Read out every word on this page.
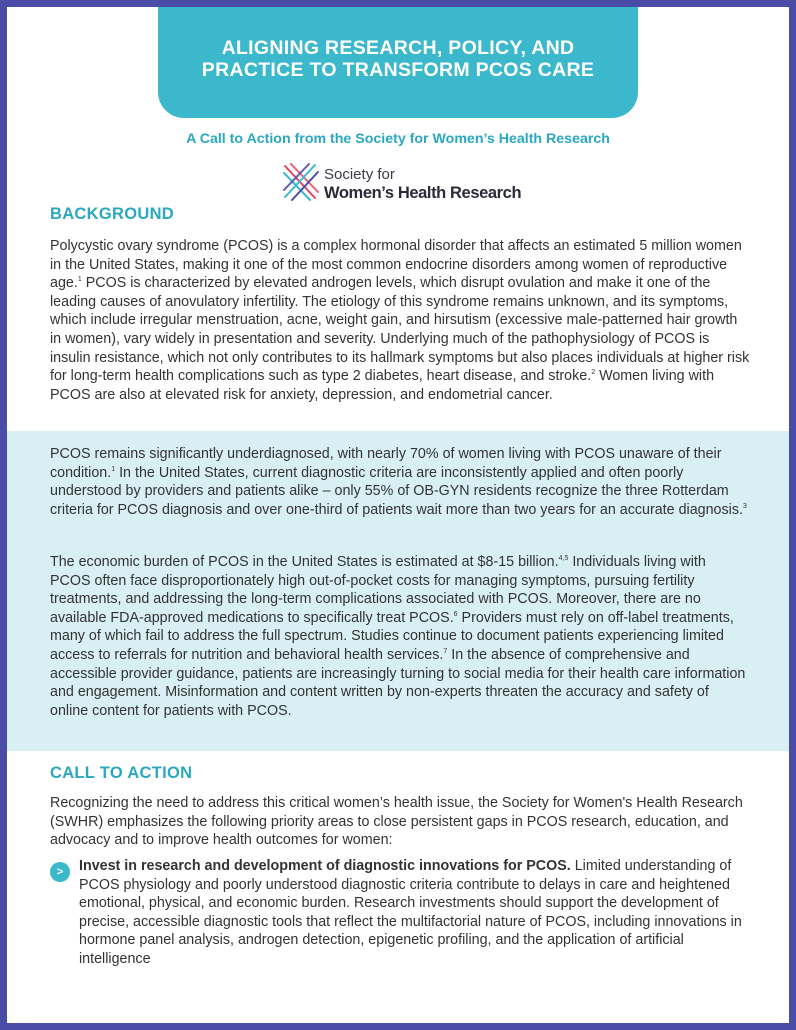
ALIGNING RESEARCH, POLICY, AND
PRACTICE TO TRANSFORM PCOS CARE
A Call to Action from the Society for Women’s Health Research
Society for
Women’s Health Research
BACKGROUND

Polycystic ovary syndrome (PCOS) is a complex hormonal disorder that affects an estimated 5 million women in the United States, making it one of the most common endocrine disorders among women of reproductive age.$^1$ PCOS is characterized by elevated androgen levels, which disrupt ovulation and make it one of the leading causes of anovulatory infertility. The etiology of this syndrome remains unknown, and its symptoms, which include irregular menstruation, acne, weight gain, and hirsutism (excessive male-patterned hair growth in women), vary widely in presentation and severity. Underlying much of the pathophysiology of PCOS is insulin resistance, which not only contributes to its hallmark symptoms but also places individuals at higher risk for long-term health complications such as type 2 diabetes, heart disease, and stroke.$^2$ Women living with PCOS are also at elevated risk for anxiety, depression, and endometrial cancer.

PCOS remains significantly underdiagnosed, with nearly 70% of women living with PCOS unaware of their condition.$^1$ In the United States, current diagnostic criteria are inconsistently applied and often poorly understood by providers and patients alike – only 55% of OB-GYN residents recognize the three Rotterdam criteria for PCOS diagnosis and over one-third of patients wait more than two years for an accurate diagnosis.$^3$

The economic burden of PCOS in the United States is estimated at $8-15 billion.$^{4,5}$ Individuals living with PCOS often face disproportionately high out-of-pocket costs for managing symptoms, pursuing fertility treatments, and addressing the long-term complications associated with PCOS. Moreover, there are no available FDA-approved medications to specifically treat PCOS.$^6$ Providers must rely on off-label treatments, many of which fail to address the full spectrum. Studies continue to document patients experiencing limited access to referrals for nutrition and behavioral health services.$^7$ In the absence of comprehensive and accessible provider guidance, patients are increasingly turning to social media for their health care information and engagement. Misinformation and content written by non-experts threaten the accuracy and safety of online content for patients with PCOS.

CALL TO ACTION

Recognizing the need to address this critical women’s health issue, the Society for Women's Health Research (SWHR) emphasizes the following priority areas to close persistent gaps in PCOS research, education, and advocacy and to improve health outcomes for women:

>	Invest in research and development of diagnostic innovations for PCOS. Limited understanding of PCOS physiology and poorly understood diagnostic criteria contribute to delays in care and heightened emotional, physical, and economic burden. Research investments should support the development of precise, accessible diagnostic tools that reflect the multifactorial nature of PCOS, including innovations in hormone panel analysis, androgen detection, epigenetic profiling, and the application of artificial intelligence
